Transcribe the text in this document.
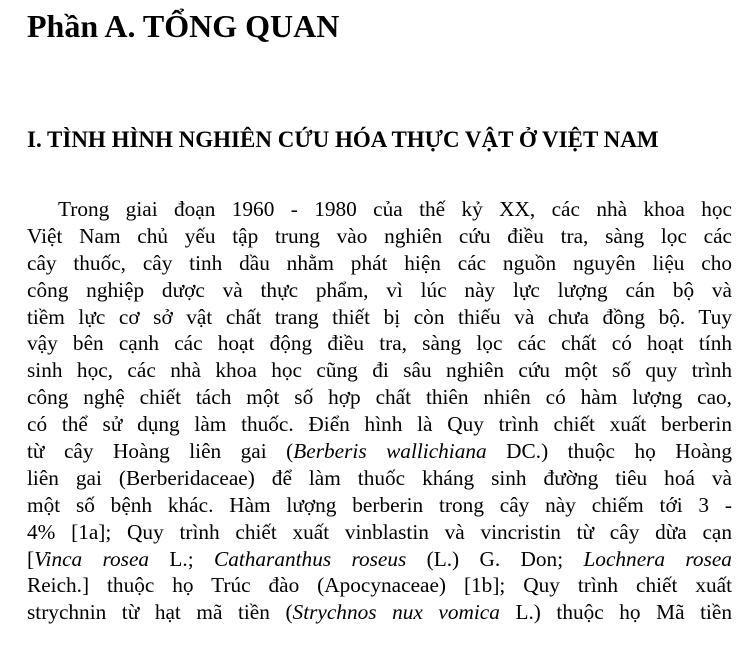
Phần A. TỔNG QUAN
I. TÌNH HÌNH NGHIÊN CỨU HÓA THỰC VẬT Ở VIỆT NAM
Trong giai đoạn 1960 - 1980 của thế kỷ XX, các nhà khoa học
Việt Nam chủ yếu tập trung vào nghiên cứu điều tra, sàng lọc các
cây thuốc, cây tinh dầu nhằm phát hiện các nguồn nguyên liệu cho
công nghiệp dược và thực phẩm, vì lúc này lực lượng cán bộ và
tiềm lực cơ sở vật chất trang thiết bị còn thiếu và chưa đồng bộ. Tuy
vậy bên cạnh các hoạt động điều tra, sàng lọc các chất có hoạt tính
sinh học, các nhà khoa học cũng đi sâu nghiên cứu một số quy trình
công nghệ chiết tách một số hợp chất thiên nhiên có hàm lượng cao,
có thể sử dụng làm thuốc. Điển hình là Quy trình chiết xuất berberin
từ cây Hoàng liên gai (Berberis wallichiana DC.) thuộc họ Hoàng
liên gai (Berberidaceae) để làm thuốc kháng sinh đường tiêu hoá và
một số bệnh khác. Hàm lượng berberin trong cây này chiếm tới 3 -
4% [1a]; Quy trình chiết xuất vinblastin và vincristin từ cây dừa cạn
[Vinca rosea L.; Catharanthus roseus (L.) G. Don; Lochnera rosea
Reich.] thuộc họ Trúc đào (Apocynaceae) [1b]; Quy trình chiết xuất
strychnin từ hạt mã tiền (Strychnos nux vomica L.) thuộc họ Mã tiền
